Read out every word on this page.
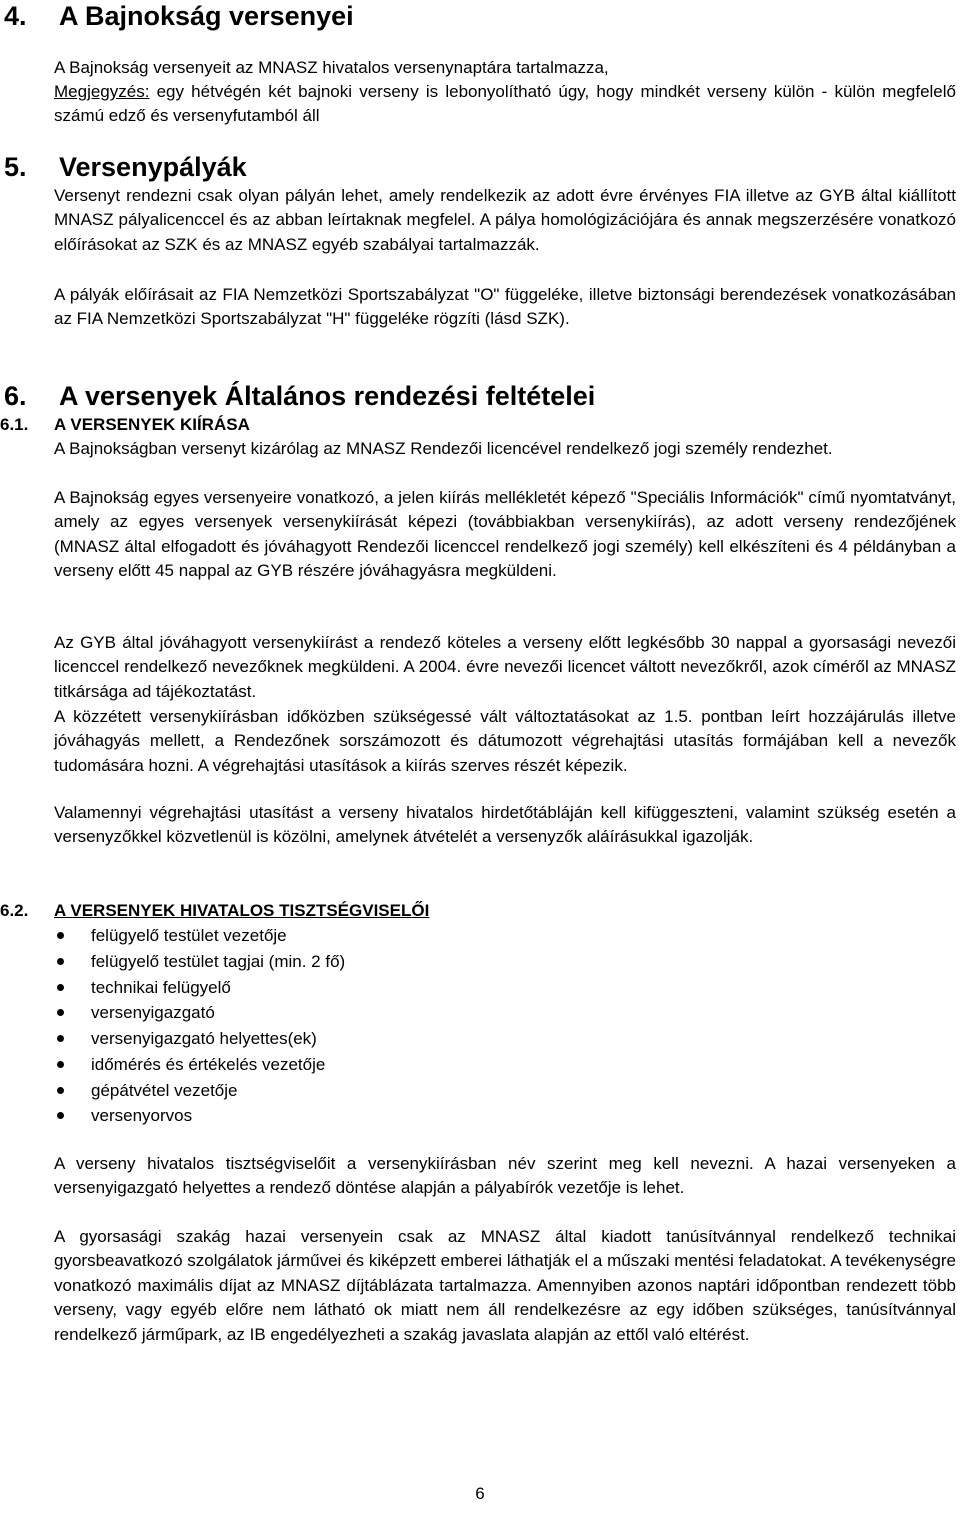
4. A Bajnokság versenyei
A Bajnokság versenyeit az MNASZ hivatalos versenynaptára tartalmazza,
Megjegyzés: egy hétvégén két bajnoki verseny is lebonyolítható úgy, hogy mindkét verseny külön - külön megfelelő számú edző és versenyfutamból áll
5. Versenypályák
Versenyt rendezni csak olyan pályán lehet, amely rendelkezik az adott évre érvényes FIA illetve az GYB által kiállított MNASZ pályalicenccel és az abban leírtaknak megfelel. A pálya homológizációjára és annak megszerzésére vonatkozó előírásokat az SZK és az MNASZ egyéb szabályai tartalmazzák.
A pályák előírásait az FIA Nemzetközi Sportszabályzat "O" függeléke, illetve biztonsági berendezések vonatkozásában az FIA Nemzetközi Sportszabályzat "H" függeléke rögzíti (lásd SZK).
6. A versenyek Általános rendezési feltételei
6.1. A VERSENYEK KIÍRÁSA
A Bajnokságban versenyt kizárólag az MNASZ Rendezői licencével rendelkező jogi személy rendezhet.
A Bajnokság egyes versenyeire vonatkozó, a jelen kiírás mellékletét képező "Speciális Információk" című nyomtatványt, amely az egyes versenyek versenykiírását képezi (továbbiakban versenykiírás), az adott verseny rendezőjének (MNASZ által elfogadott és jóváhagyott Rendezői licenccel rendelkező jogi személy) kell elkészíteni és 4 példányban a verseny előtt 45 nappal az GYB részére jóváhagyásra megküldeni.
Az GYB által jóváhagyott versenykiírást a rendező köteles a verseny előtt legkésőbb 30 nappal a gyorsasági nevezői licenccel rendelkező nevezőknek megküldeni. A 2004. évre nevezői licencet váltott nevezőkről, azok címéről az MNASZ titkársága ad tájékoztatást.
A közzétett versenykiírásban időközben szükségessé vált változtatásokat az 1.5. pontban leírt hozzájárulás illetve jóváhagyás mellett, a Rendezőnek sorszámozott és dátumozott végrehajtási utasítás formájában kell a nevezők tudomására hozni. A végrehajtási utasítások a kiírás szerves részét képezik.
Valamennyi végrehajtási utasítást a verseny hivatalos hirdetőtábláján kell kifüggeszteni, valamint szükség esetén a versenyzőkkel közvetlenül is közölni, amelynek átvételét a versenyzők aláírásukkal igazolják.
6.2. A VERSENYEK HIVATALOS TISZTSÉGVISELŐI
felügyelő testület vezetője
felügyelő testület tagjai (min. 2 fő)
technikai felügyelő
versenyigazgató
versenyigazgató helyettes(ek)
időmérés és értékelés vezetője
gépátvétel vezetője
versenyorvos
A verseny hivatalos tisztségviselőit a versenykiírásban név szerint meg kell nevezni. A hazai versenyeken a versenyigazgató helyettes a rendező döntése alapján a pályabírók vezetője is lehet.
A gyorsasági szakág hazai versenyein csak az MNASZ által kiadott tanúsítvánnyal rendelkező technikai gyorsbeavatkozó szolgálatok járművei és kiképzett emberei láthatják el a műszaki mentési feladatokat. A tevékenységre vonatkozó maximális díjat az MNASZ díjtáblázata tartalmazza. Amennyiben azonos naptári időpontban rendezett több verseny, vagy egyéb előre nem látható ok miatt nem áll rendelkezésre az egy időben szükséges, tanúsítvánnyal rendelkező járműpark, az IB engedélyezheti a szakág javaslata alapján az ettől való eltérést.
6
